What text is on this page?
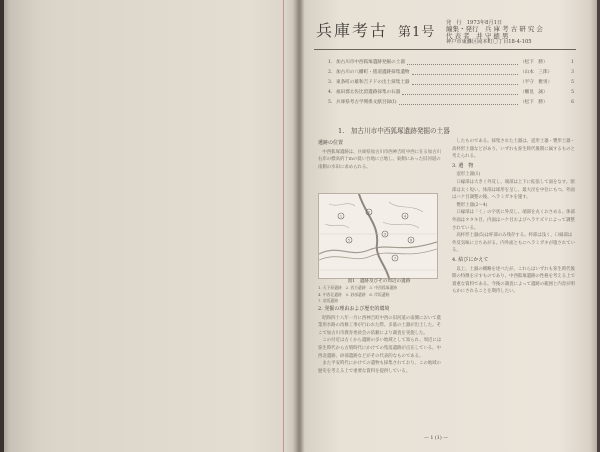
兵庫考古 第1号
発　行　1973年8月1日
編集・発行　兵 庫 考 古 研 究 会
代 表 者　井 守 徳 男
神戸市東灘区岡本町〇丁目18-4-105
1. 加古川市中西狐塚遺跡発掘の土器	（松下　勝）	1
2. 加古川の八幡町・猪道遺跡採集遺物	（山本　三郎）	3
3. 東条町の雄和吉ドドの出土採集土器	（平守　雅男）	5
4. 福田郡太佐比留遺跡採集の石器	（櫃見　誠）	5
5. 兵庫県考古学関係文献目録(Ⅰ)	（松下　勝）	6
1.　加古川市中西狐塚遺跡発掘の土器
遺跡の位置

中西狐塚遺跡は、兵庫県加古川市西神吉町中西に在る加古川右岸の標高約十mの低い台地に立地し、東側にあった旧河道の南側の水田に求められる。

1
2
3
4
5	6
7
図1　遺跡及びその周辺の遺跡
1. 天下原遺跡　2. 西方遺跡　3. 中西狐塚遺跡
4. 中西北遺跡　5. 砂部遺跡　6. 岸坂遺跡
7. 前坂遺跡
2. 発掘の理由および歴史的環境

昭和四十八年一月に西神吉町中西の旧河道の南側において農業用水路の改修工事が行われた際、多量の土器が出土した。そこで加古川市教育委員会の依頼により調査を実施した。

この付近は古くから遺跡の多い地域として知られ、周辺には弥生時代から古墳時代にかけての集落遺跡が点在している。中西北遺跡、砂部遺跡などがその代表的なものである。

また平安時代にかけての遺物も採集されており、この地域の歴史を考える上で重要な資料を提供している。

したものである。採集された土器は、壺形土器・甕形土器・高杯形土器などがあり、いずれも弥生時代後期に属するものと考えられる。

3. 遺　物

壺形土器(1)

口縁部は大きく外反し、端部は上下に拡張して面をなす。頸部は太く短い。体部は球形を呈し、最大径を中位にもつ。外面はハケ目調整の後、ヘラミガキを施す。

甕形土器(2〜4)

口縁部は「く」の字状に外反し、端部を丸くおさめる。体部外面はタタキ目、内面はハケ目およびヘラケズリによって調整されている。

高杯形土器(5)は杯部のみ残存する。杯部は浅く、口縁部は外反気味に立ちあがる。内外面ともにヘラミガキが施されている。

4. 結びにかえて

以上、土器の概略を述べたが、これらはいずれも弥生時代後期の特徴を示すものであり、中西狐塚遺跡の性格を考える上で貴重な資料である。今後の調査によって遺跡の範囲と内容が明らかにされることを期待したい。

— 1 (1) —
